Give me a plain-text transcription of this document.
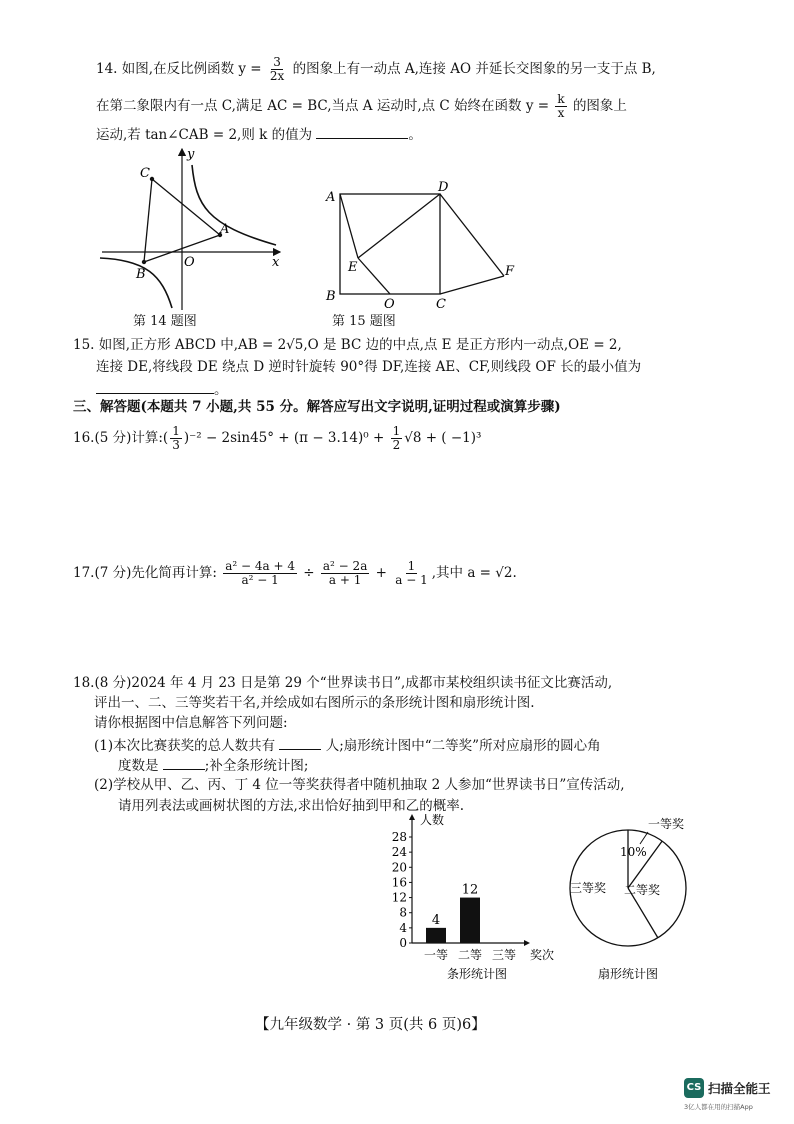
14. 如图,在反比例函数 $y = \frac{3}{2x}$ 的图象上有一动点 A,连接 AO 并延长交图象的另一支于点 B,
在第二象限内有一点 C,满足 AC = BC,当点 A 运动时,点 C 始终在函数 $y = \frac{k}{x}$ 的图象上
运动,若 tan∠CAB = 2,则 k 的值为	。
C
y
A
B
O	x
第 14 题图
A
D
E	F
B
O	C
第 15 题图
15. 如图,正方形 ABCD 中,AB = 2√5,O 是 BC 边的中点,点 E 是正方形内一动点,OE = 2,
连接 DE,将线段 DE 绕点 D 逆时针旋转 90°得 DF,连接 AE、CF,则线段 OF 长的最小值为
。
三、解答题(本题共 7 小题,共 55 分。解答应写出文字说明,证明过程或演算步骤)
16.(5 分)计算:( $\frac{1}{3} )^{-2} - 2\sin 45^\circ + (\pi - 3.14)^0 + \frac{1}{2} √8$ + ( −1)³
17.(7 分)先化简再计算: $\frac{\text{a² − 4a + 4}}{\text{a² − 1}} \div \frac{\text{a² − 2a}}{a + 1} + \frac{1}{a - 1}$ ,其中 a = √2.
18.(8 分)2024 年 4 月 23 日是第 29 个“世界读书日”,成都市某校组织读书征文比赛活动,
评出一、二、三等奖若干名,并绘成如右图所示的条形统计图和扇形统计图.
请你根据图中信息解答下列问题:
(1)本次比赛获奖的总人数共有	人;扇形统计图中“二等奖”所对应扇形的圆心角
度数是	;补全条形统计图;
(2)学校从甲、乙、丙、丁 4 位一等奖获得者中随机抽取 2 人参加“世界读书日”宣传活动,
请用列表法或画树状图的方法,求出恰好抽到甲和乙的概率.
0
4
8
12
16
20
24
28
4
12
一等 二等 三等
人数
奖次
条形统计图
一等奖
10%
三等奖 二等奖
扇形统计图
【九年级数学 · 第 3 页(共 6 页)6】
CS 扫描全能王
3亿人都在用的扫描App
